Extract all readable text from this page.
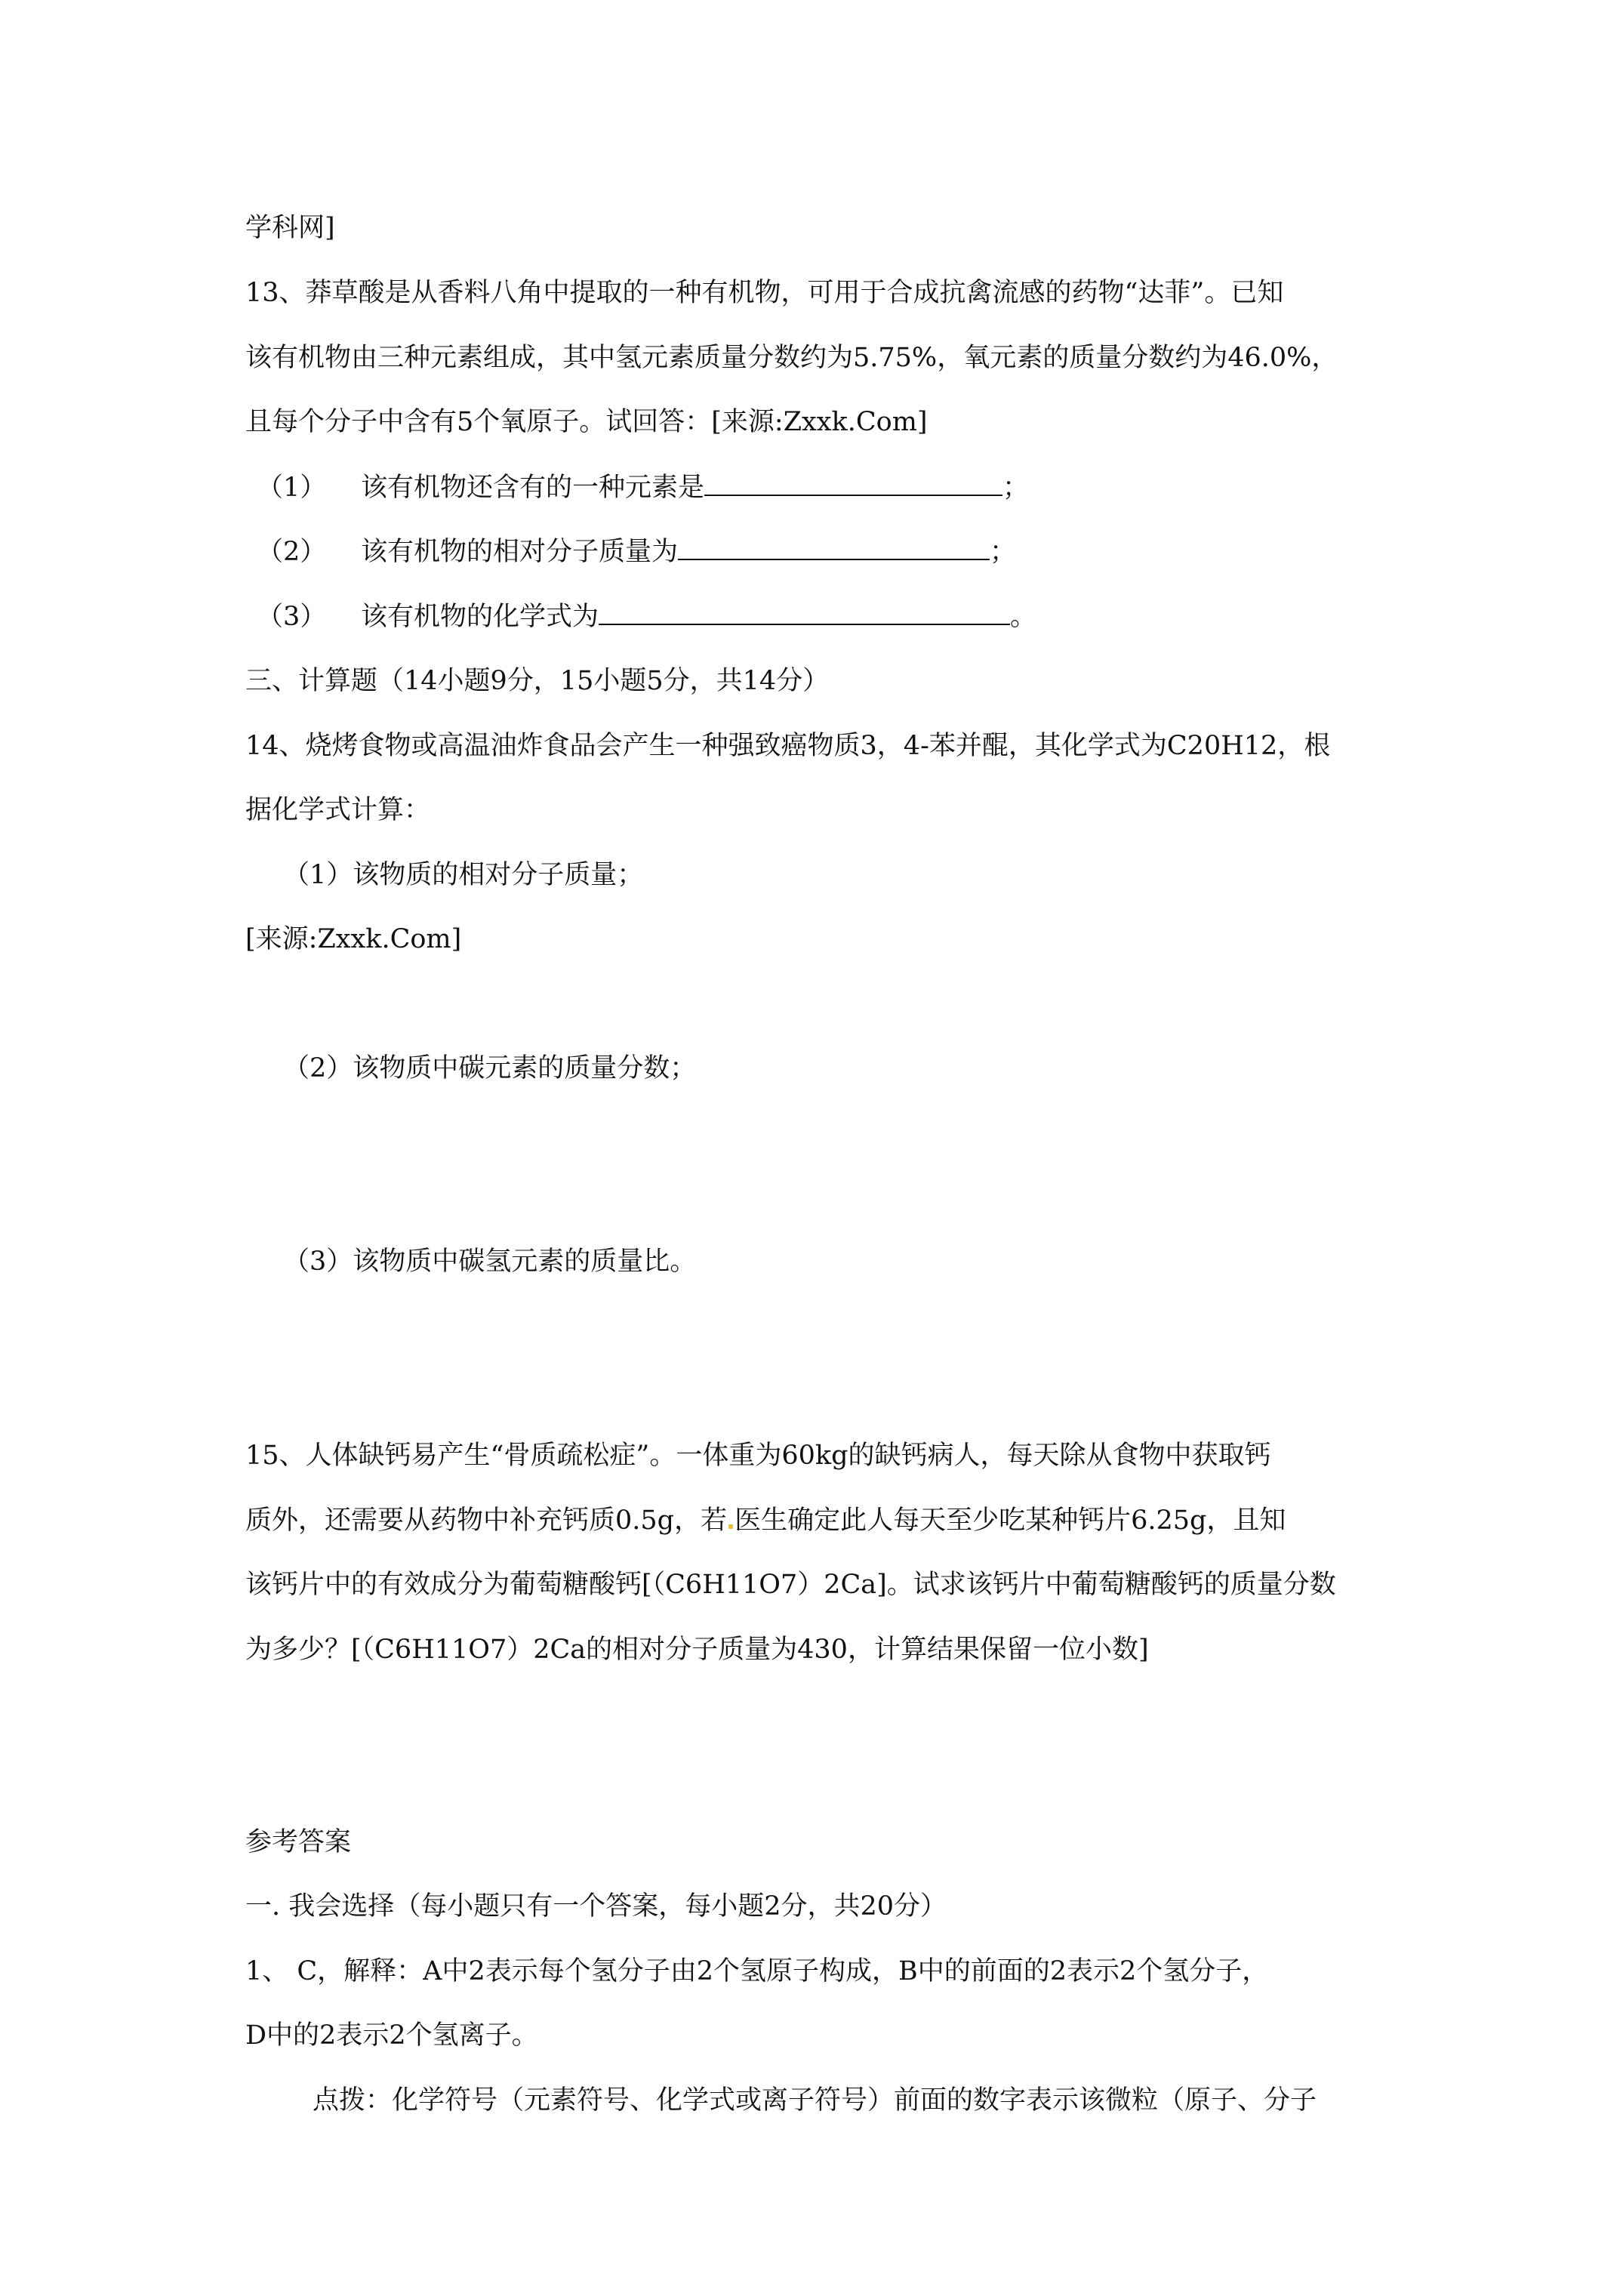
学科网]
13、莽草酸是从香料八角中提取的一种有机物，可用于合成抗禽流感的药物“达菲”。已知
该有机物由三种元素组成，其中氢元素质量分数约为5.75%，氧元素的质量分数约为46.0%，
且每个分子中含有5个氧原子。试回答：[来源:Zxxk.Com]
（1） 该有机物还含有的一种元素是	；
（2） 该有机物的相对分子质量为	；
（3） 该有机物的化学式为	。
三、计算题（14小题9分，15小题5分，共14分）
14、烧烤食物或高温油炸食品会产生一种强致癌物质3，4-苯并醌，其化学式为C20H12，根
据化学式计算：
（1）该物质的相对分子质量；
[来源:Zxxk.Com]
（2）该物质中碳元素的质量分数；
（3）该物质中碳氢元素的质量比。
15、人体缺钙易产生“骨质疏松症”。一体重为60kg的缺钙病人，每天除从食物中获取钙
质外，还需要从药物中补充钙质0.5g，若 医生确定此人每天至少吃某种钙片6.25g，且知
该钙片中的有效成分为葡萄糖酸钙[（C6H11O7）2Ca]。试求该钙片中葡萄糖酸钙的质量分数
为多少？[（C6H11O7）2Ca的相对分子质量为430，计算结果保留一位小数]
参考答案
一. 我会选择（每小题只有一个答案，每小题2分，共20分）
1、 C，解释：A中2表示每个氢分子由2个氢原子构成，B中的前面的2表示2个氢分子，
D中的2表示2个氢离子。
点拨：化学符号（元素符号、化学式或离子符号）前面的数字表示该微粒（原子、分子
